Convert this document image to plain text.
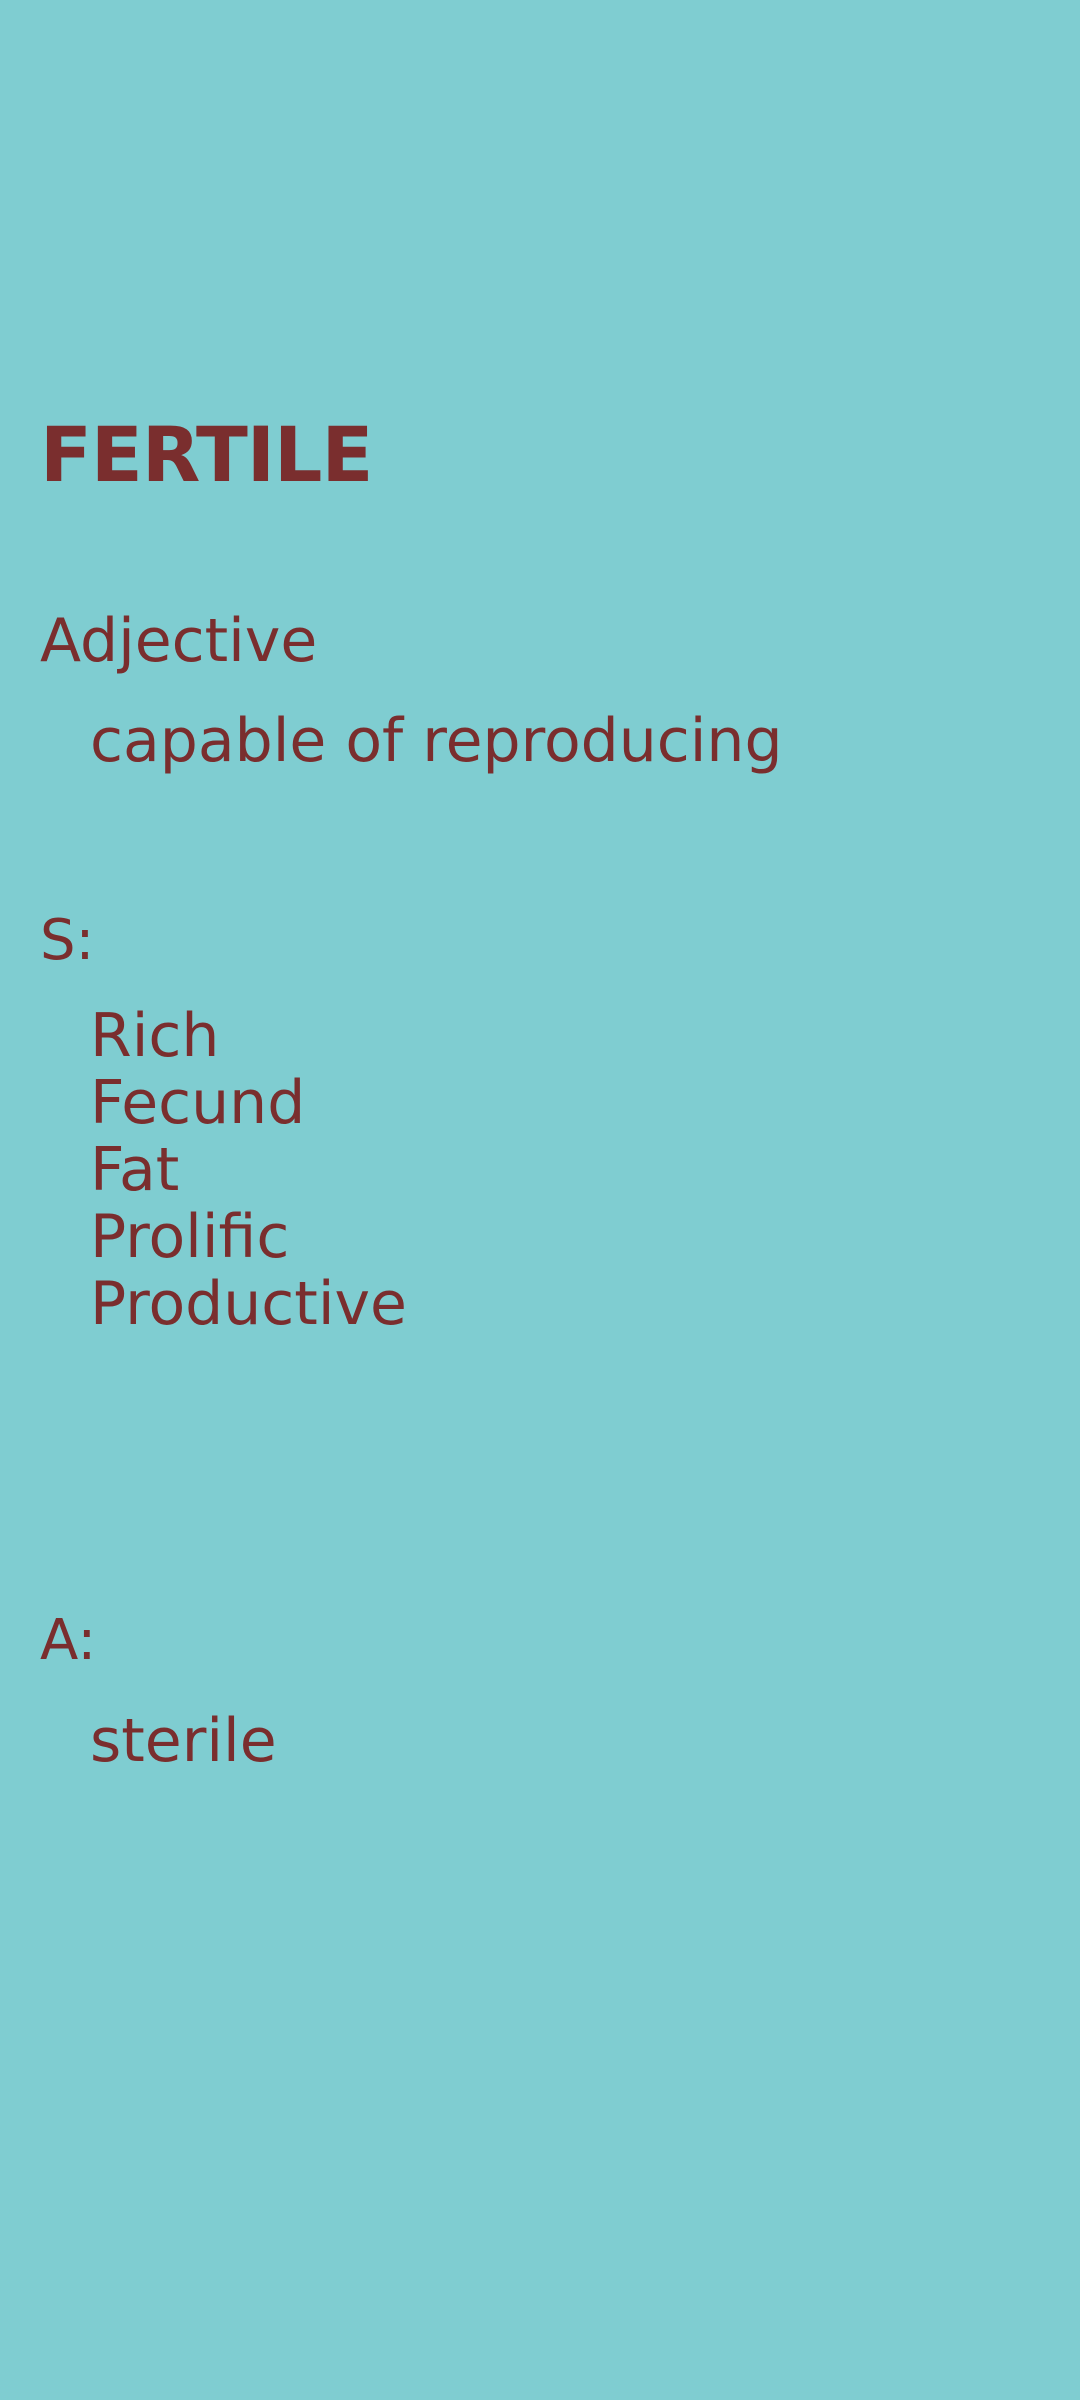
FERTILE
Adjective
capable of reproducing
S:
Rich
Fecund
Fat
Prolific
Productive
A:
sterile
